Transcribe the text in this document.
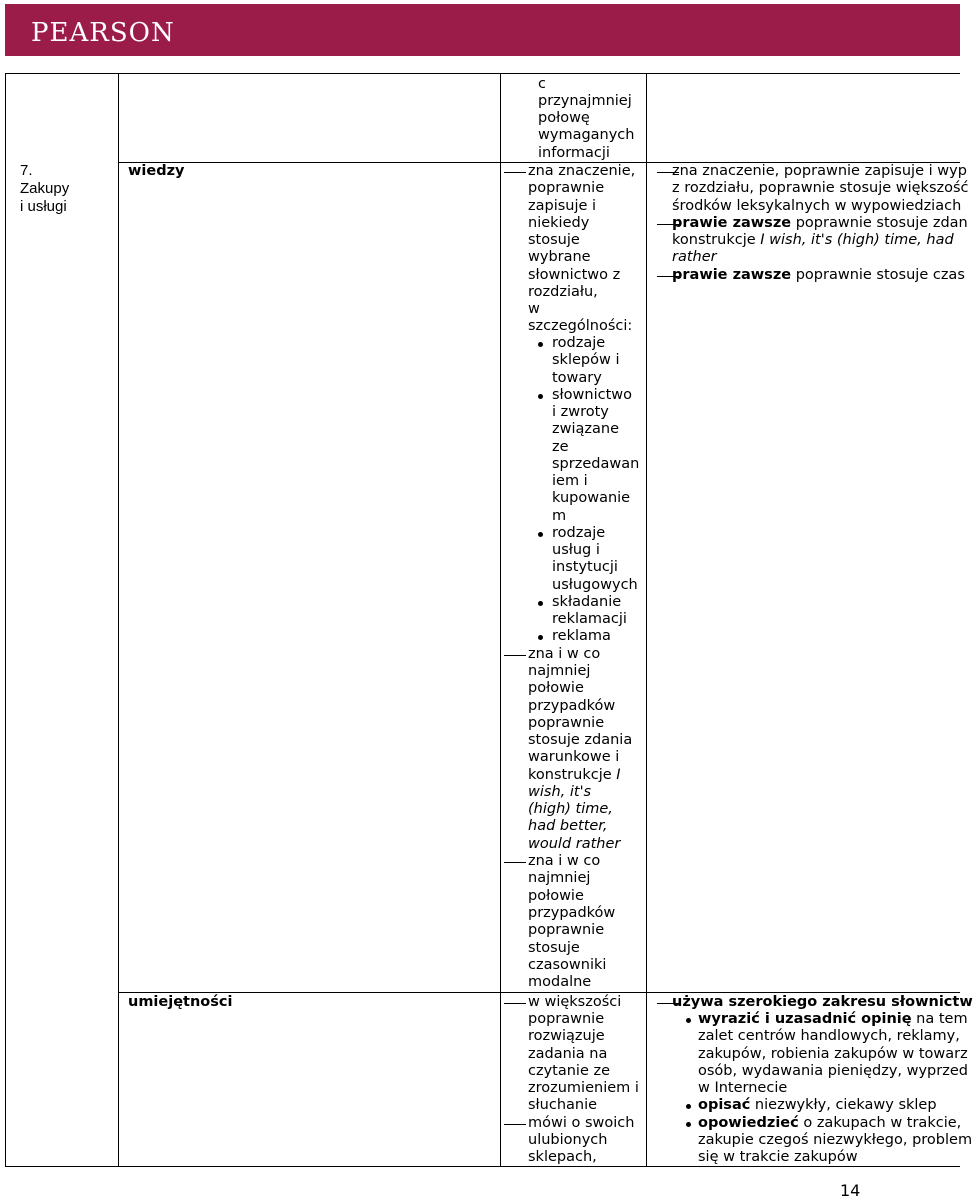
PEARSON
7.
Zakupy
i usługi
wiedzy
umiejętności
c
przynajmniej
połowę
wymaganych
informacji
zna znaczenie,
poprawnie
zapisuje i
niekiedy
stosuje
wybrane
słownictwo z
rozdziału,
w
szczególności:
rodzaje
sklepów i
towary
słownictwo
i zwroty
związane
ze
sprzedawan
iem i
kupowanie
m
rodzaje
usług i
instytucji
usługowych
składanie
reklamacji
reklama
zna i w co
najmniej
połowie
przypadków
poprawnie
stosuje zdania
warunkowe i
konstrukcje I
wish, it's
(high) time,
had better,
would rather
zna i w co
najmniej
połowie
przypadków
poprawnie
stosuje
czasowniki
modalne
w większości
poprawnie
rozwiązuje
zadania na
czytanie ze
zrozumieniem i
słuchanie
mówi o swoich
ulubionych
sklepach,
zna znaczenie, poprawnie zapisuje i wyp
z rozdziału, poprawnie stosuje większość
środków leksykalnych w wypowiedziach
prawie zawsze poprawnie stosuje zdan
konstrukcje I wish, it's (high) time, had
rather
prawie zawsze poprawnie stosuje czas
używa szerokiego zakresu słownictw
wyrazić i uzasadnić opinię na tem
zalet centrów handlowych, reklamy,
zakupów, robienia zakupów w towarz
osób, wydawania pieniędzy, wyprzed
w Internecie
opisać niezwykły, ciekawy sklep
opowiedzieć o zakupach w trakcie,
zakupie czegoś niezwykłego, problem
się w trakcie zakupów
14
